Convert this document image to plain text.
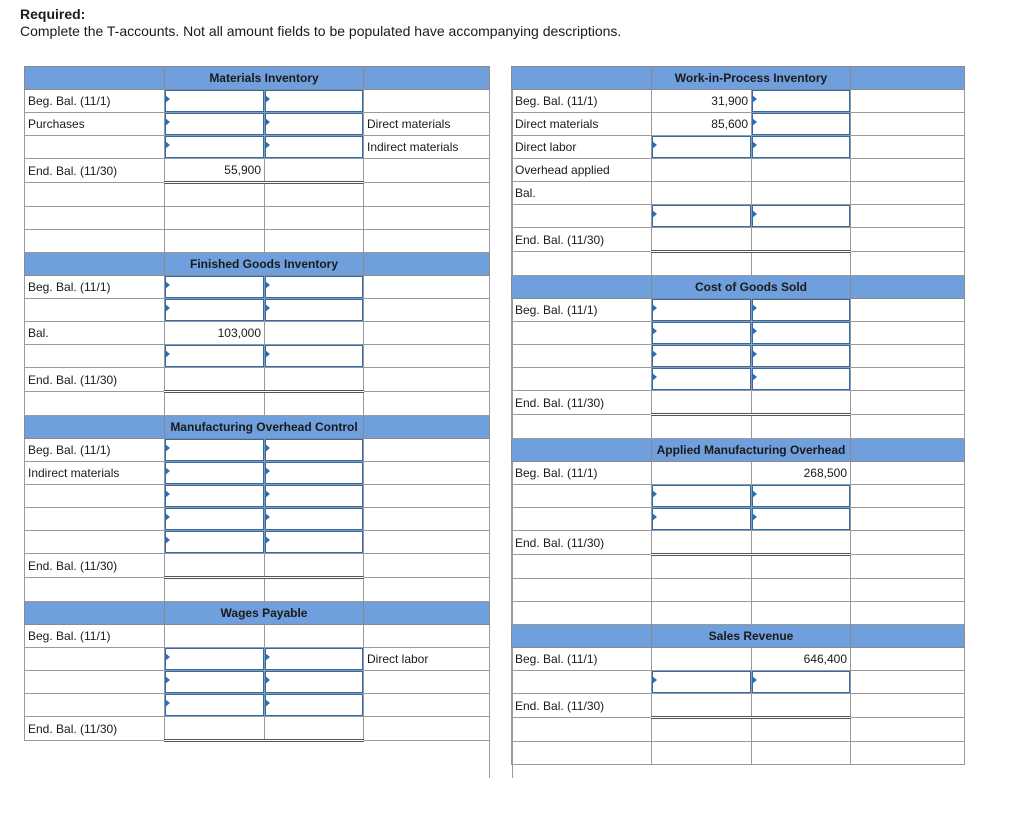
Required:
Complete the T-accounts. Not all amount fields to be populated have accompanying descriptions.
	Materials Inventory		
Beg. Bal. (11/1)			
Purchases			Direct materials
			Indirect materials
End. Bal. (11/30)	55,900		

	Finished Goods Inventory		
Beg. Bal. (11/1)			

Bal.	103,000		

End. Bal. (11/30)			

	Manufacturing Overhead Control		
Beg. Bal. (11/1)			
Indirect materials			

End. Bal. (11/30)			

	Wages Payable		
Beg. Bal. (11/1)			
			Direct labor

End. Bal. (11/30)			
	Work-in-Process Inventory		
Beg. Bal. (11/1)	31,900		
Direct materials	85,600		
Direct labor			
Overhead applied			
Bal.			

End. Bal. (11/30)			

	Cost of Goods Sold		
Beg. Bal. (11/1)			

End. Bal. (11/30)			

	Applied Manufacturing Overhead		
Beg. Bal. (11/1)		268,500	

End. Bal. (11/30)			

	Sales Revenue		
Beg. Bal. (11/1)		646,400	

End. Bal. (11/30)			
